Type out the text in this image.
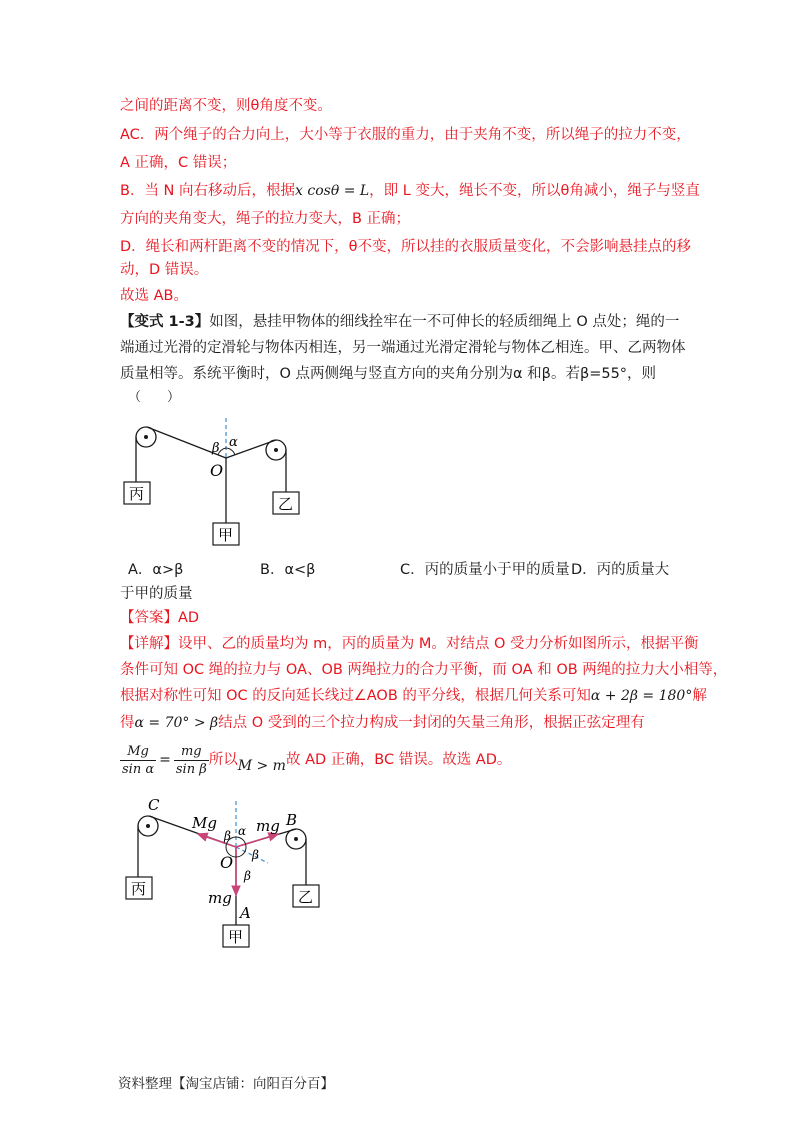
之间的距离不变，则θ角度不变。
AC．两个绳子的合力向上，大小等于衣服的重力，由于夹角不变，所以绳子的拉力不变，
A 正确，C 错误；
B．当 N 向右移动后，根据x cosθ = L，即 L 变大，绳长不变，所以θ角减小，绳子与竖直
方向的夹角变大，绳子的拉力变大，B 正确；
D．绳长和两杆距离不变的情况下，θ不变，所以挂的衣服质量变化，不会影响悬挂点的移
动，D 错误。
故选 AB。
【变式 1-3】如图，悬挂甲物体的细线拴牢在一不可伸长的轻质细绳上 O 点处；绳的一
端通过光滑的定滑轮与物体丙相连，另一端通过光滑定滑轮与物体乙相连。甲、乙两物体
质量相等。系统平衡时，O 点两侧绳与竖直方向的夹角分别为α 和β。若β=55°，则
（　　）
丙
乙
甲
O
α
β
A．α>β	B．α<β	C．丙的质量小于甲的质量 D．丙的质量大
于甲的质量
【答案】AD
【详解】设甲、乙的质量均为 m，丙的质量为 M。对结点 O 受力分析如图所示，根据平衡
条件可知 OC 绳的拉力与 OA、OB 两绳拉力的合力平衡，而 OA 和 OB 两绳的拉力大小相等，
根据对称性可知 OC 的反向延长线过∠AOB 的平分线，根据几何关系可知α + 2β = 180°解
得α = 70° > β结点 O 受到的三个拉力构成一封闭的矢量三角形，根据正弦定理有
$\frac{Mg}{\text{sin α}} = \frac{mg}{\text{sin β}}$ 所以M > m故 AD 正确，BC 错误。故选 AD。
丙	乙
甲
C
B
A
O
Mg	mg
mg
α
β
β
β
资料整理【淘宝店铺：向阳百分百】
